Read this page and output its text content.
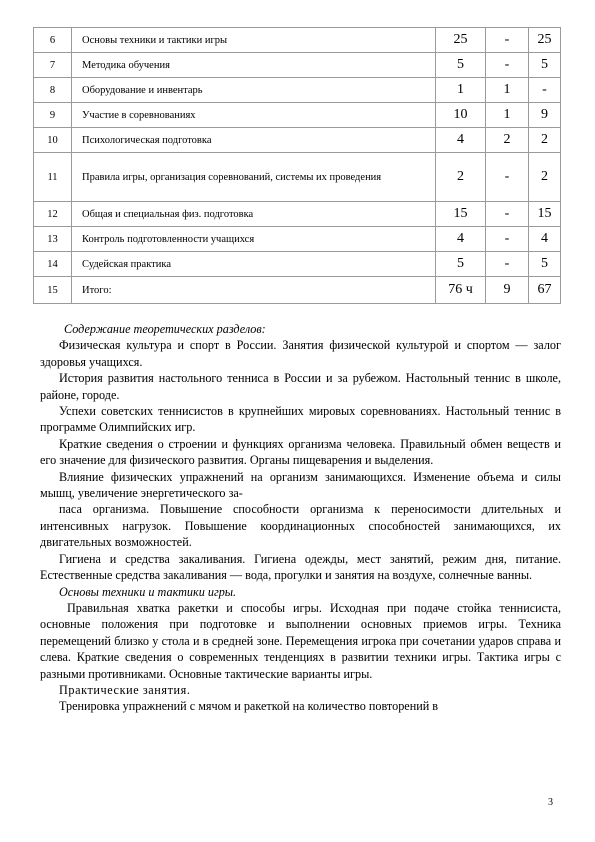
6	Основы техники и тактики игры	25	-	25
7	Методика обучения	5	-	5
8	Оборудование и инвентарь	1	1	-
9	Участие в соревнованиях	10	1	9
10	Психологическая подготовка	4	2	2
11	Правила игры, организация соревнований, системы их проведения	2	-	2
12	Общая и специальная физ. подготовка	15	-	15
13	Контроль подготовленности учащихся	4	-	4
14	Судейская практика	5	-	5
15	Итого:	76 ч	9	67

Содержание теоретических разделов:

Физическая культура и спорт в России. Занятия физической культурой и спортом — залог здоровья учащихся.

История развития настольного тенниса в России и за рубежом. Настольный теннис в школе, районе, городе.

Успехи советских теннисистов в крупнейших мировых соревнованиях. Настольный теннис в программе Олимпийских игр.

Краткие сведения о строении и функциях организма человека. Правильный обмен веществ и его значение для физического развития. Органы пищеварения и выделения.

Влияние физических упражнений на организм занимающихся. Изменение объема и силы мышц, увеличение энергетического за-

паса организма. Повышение способности организма к переносимости длительных и интенсивных нагрузок. Повышение координационных способностей занимающихся, их двигательных возможностей.

Гигиена и средства закаливания. Гигиена одежды, мест занятий, режим дня, питание. Естественные средства закаливания — вода, прогулки и занятия на воздухе, солнечные ванны.

Основы техники и тактики игры.

Правильная хватка ракетки и способы игры. Исходная при подаче стойка теннисиста, основные положения при подготовке и выполнении основных приемов игры. Техника перемещений близко у стола и в средней зоне. Перемещения игрока при сочетании ударов справа и слева. Краткие сведения о современных тенденциях в развитии техники игры. Тактика игры с разными противниками. Основные тактические варианты игры.

Практические занятия.

Тренировка упражнений с мячом и ракеткой на количество повторений в

3
